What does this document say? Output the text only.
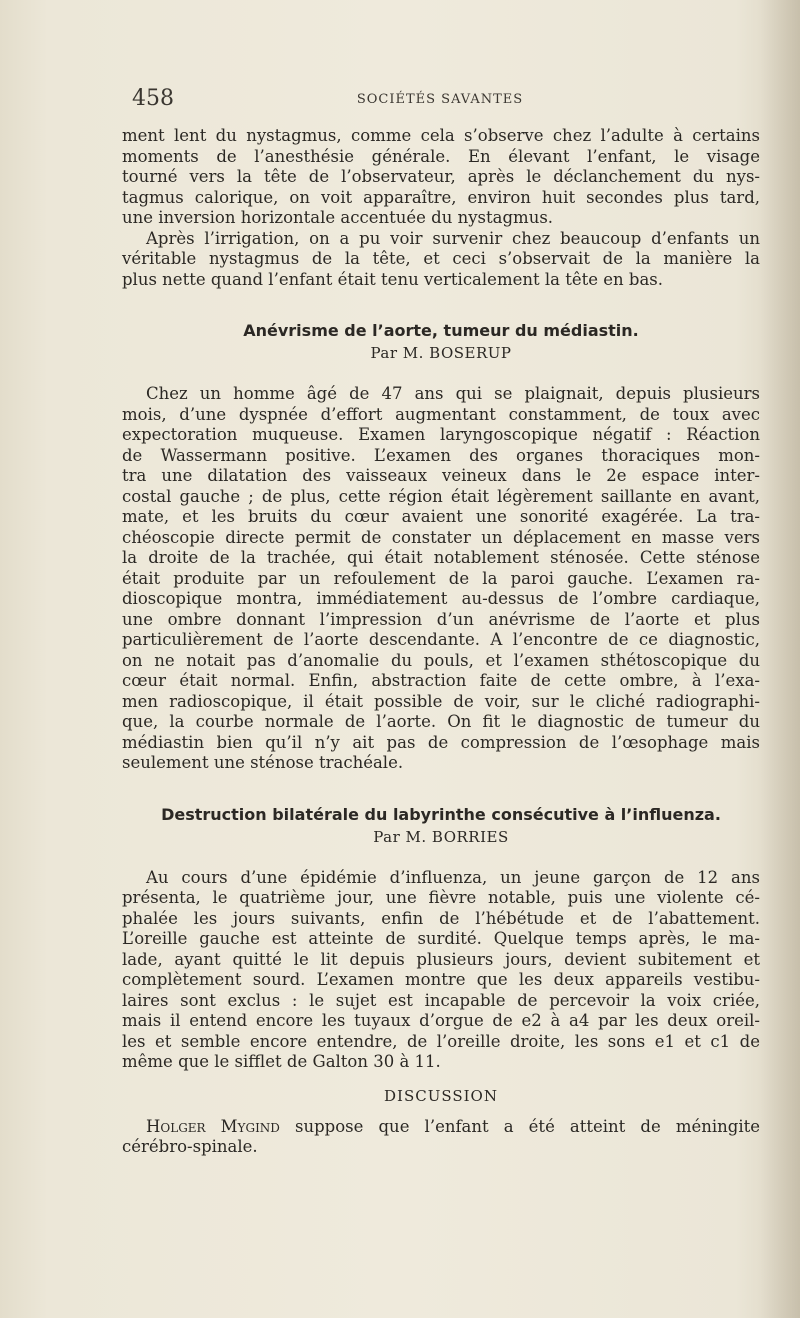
458	SOCIÉTÉS SAVANTES
ment lent du nystagmus, comme cela s’observe chez l’adulte à certains
moments de l’anesthésie générale. En élevant l’enfant, le visage
tourné vers la tête de l’observateur, après le déclanchement du nys-
tagmus calorique, on voit apparaître, environ huit secondes plus tard,
une inversion horizontale accentuée du nystagmus.
Après l’irrigation, on a pu voir survenir chez beaucoup d’enfants un
véritable nystagmus de la tête, et ceci s’observait de la manière la
plus nette quand l’enfant était tenu verticalement la tête en bas.
Anévrisme de l’aorte, tumeur du médiastin.
Par M. BOSERUP
Chez un homme âgé de 47 ans qui se plaignait, depuis plusieurs
mois, d’une dyspnée d’effort augmentant constamment, de toux avec
expectoration muqueuse. Examen laryngoscopique négatif : Réaction
de Wassermann positive. L’examen des organes thoraciques mon-
tra une dilatation des vaisseaux veineux dans le 2e espace inter-
costal gauche ; de plus, cette région était légèrement saillante en avant,
mate, et les bruits du cœur avaient une sonorité exagérée. La tra-
chéoscopie directe permit de constater un déplacement en masse vers
la droite de la trachée, qui était notablement sténosée. Cette sténose
était produite par un refoulement de la paroi gauche. L’examen ra-
dioscopique montra, immédiatement au-dessus de l’ombre cardiaque,
une ombre donnant l’impression d’un anévrisme de l’aorte et plus
particulièrement de l’aorte descendante. A l’encontre de ce diagnostic,
on ne notait pas d’anomalie du pouls, et l’examen sthétoscopique du
cœur était normal. Enfin, abstraction faite de cette ombre, à l’exa-
men radioscopique, il était possible de voir, sur le cliché radiographi-
que, la courbe normale de l’aorte. On fit le diagnostic de tumeur du
médiastin bien qu’il n’y ait pas de compression de l’œsophage mais
seulement une sténose trachéale.
Destruction bilatérale du labyrinthe consécutive à l’influenza.
Par M. BORRIES
Au cours d’une épidémie d’influenza, un jeune garçon de 12 ans
présenta, le quatrième jour, une fièvre notable, puis une violente cé-
phalée les jours suivants, enfin de l’hébétude et de l’abattement.
L’oreille gauche est atteinte de surdité. Quelque temps après, le ma-
lade, ayant quitté le lit depuis plusieurs jours, devient subitement et
complètement sourd. L’examen montre que les deux appareils vestibu-
laires sont exclus : le sujet est incapable de percevoir la voix criée,
mais il entend encore les tuyaux d’orgue de e2 à a4 par les deux oreil-
les et semble encore entendre, de l’oreille droite, les sons e1 et c1 de
même que le sifflet de Galton 30 à 11.
DISCUSSION
Holger Mygind suppose que l’enfant a été atteint de méningite
cérébro-spinale.
